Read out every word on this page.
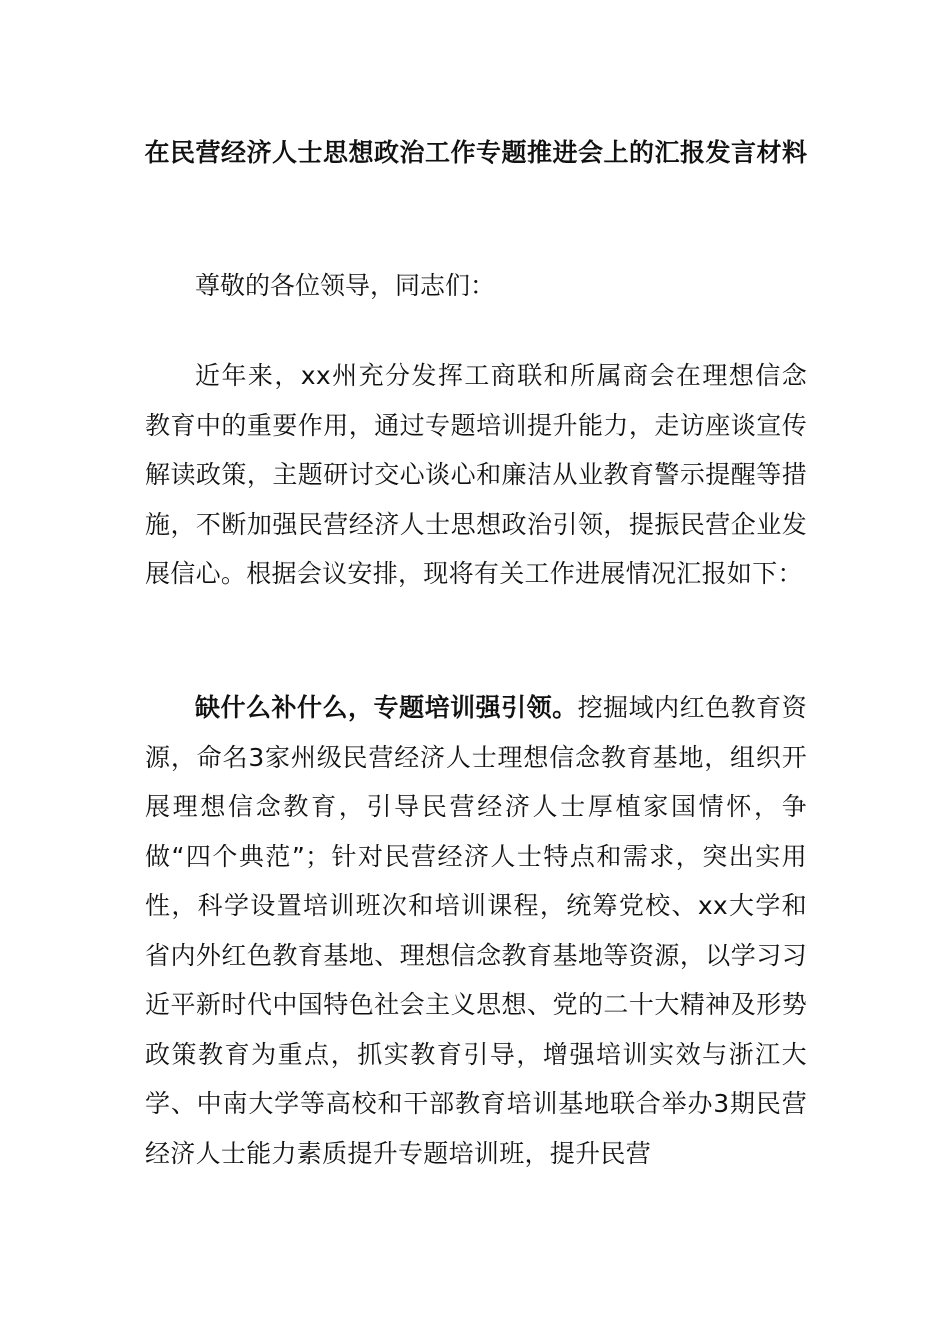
在民营经济人士思想政治工作专题推进会上的汇报发言材料
尊敬的各位领导，同志们：
近年来，xx州充分发挥工商联和所属商会在理想信念教育中的重要作用，通过专题培训提升能力，走访座谈宣传解读政策，主题研讨交心谈心和廉洁从业教育警示提醒等措施，不断加强民营经济人士思想政治引领，提振民营企业发展信心。根据会议安排，现将有关工作进展情况汇报如下：
缺什么补什么，专题培训强引领。挖掘域内红色教育资源，命名3家州级民营经济人士理想信念教育基地，组织开展理想信念教育，引导民营经济人士厚植家国情怀，争做“四个典范”；针对民营经济人士特点和需求，突出实用性，科学设置培训班次和培训课程，统筹党校、xx大学和省内外红色教育基地、理想信念教育基地等资源，以学习习近平新时代中国特色社会主义思想、党的二十大精神及形势政策教育为重点，抓实教育引导，增强培训实效与浙江大学、中南大学等高校和干部教育培训基地联合举办3期民营经济人士能力素质提升专题培训班，提升民营
